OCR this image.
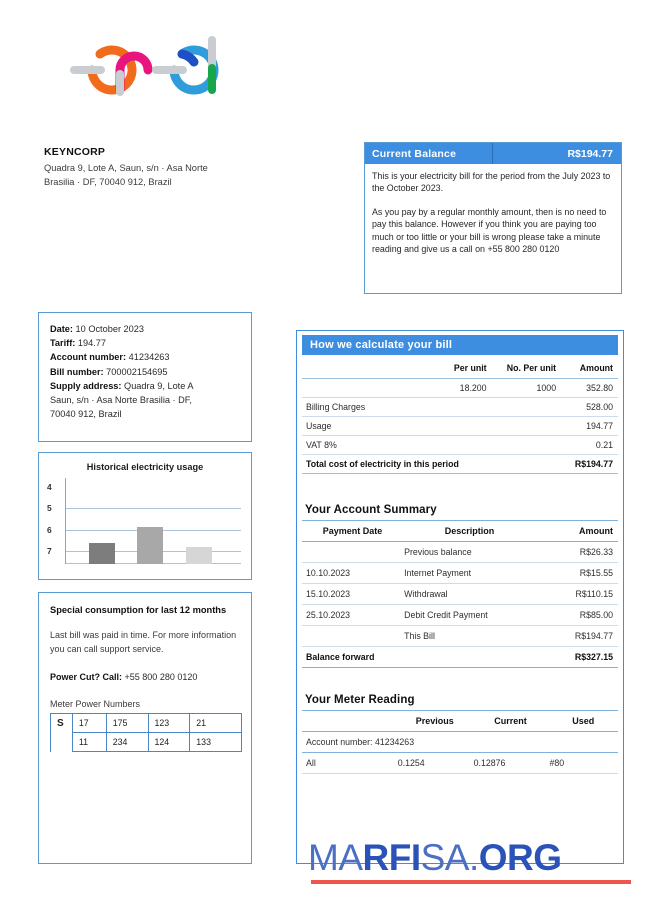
KEYNCORP
Quadra 9, Lote A, Saun, s/n · Asa Norte
Brasilia · DF, 70040 912, Brazil
Current Balance	R$194.77

This is your electricity bill for the period from the July 2023 to the October 2023.

As you pay by a regular monthly amount, then is no need to pay this balance. However if you think you are paying too much or too little or your bill is wrong please take a minute reading and give us a call on +55 800 280 0120

Date: 10 October 2023
Tariff: 194.77
Account number: 41234263
Bill number: 700002154695
Supply address: Quadra 9, Lote A
Saun, s/n · Asa Norte Brasilia · DF,
70040 912, Brazil
Historical electricity usage
4
5
6
7
Special consumption for last 12 months
Last bill was paid in time. For more information you can call support service.
Power Cut? Call: +55 800 280 0120
Meter Power Numbers
S	17	175	123	21
	11	234	124	133
How we calculate your bill
	Per unit	No. Per unit	Amount
	18.200	1000	352.80
Billing Charges			528.00
Usage			194.77
VAT 8%			0.21
Total cost of electricity in this period			R$194.77
Your Account Summary
Payment Date	Description	Amount
	Previous balance	R$26.33
10.10.2023	Internet Payment	R$15.55
15.10.2023	Withdrawal	R$110.15
25.10.2023	Debit Credit Payment	R$85.00
	This Bill	R$194.77
Balance forward		R$327.15
Your Meter Reading
	Previous	Current	Used
Account number: 41234263			
All	0.1254	0.12876	#80
MARFISA.ORG
